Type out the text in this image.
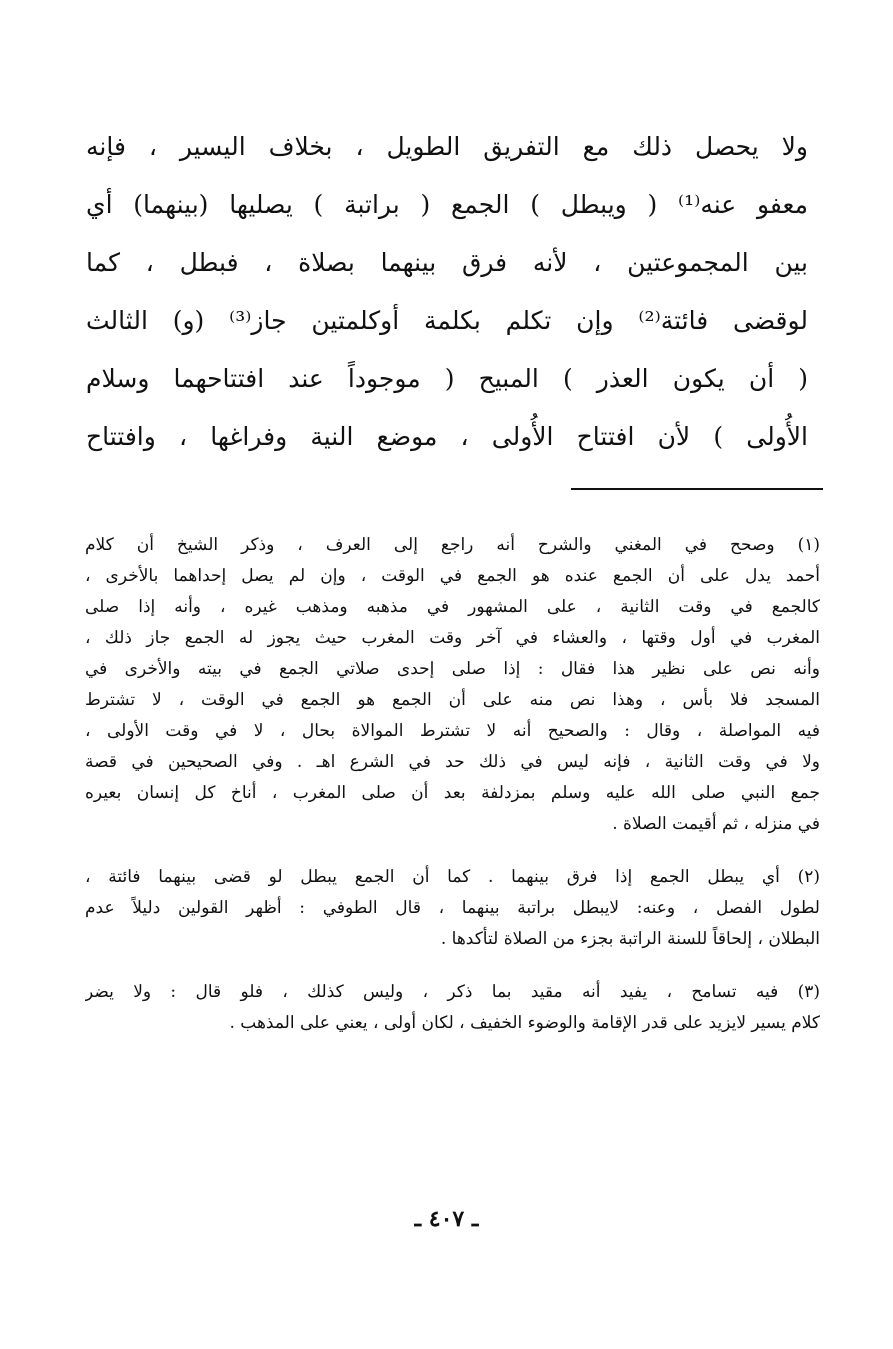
ولا يحصل ذلك مع التفريق الطويل ، بخلاف اليسير ، فإنه
معفو عنه⁽¹⁾ ( ويبطل ) الجمع ( براتبة ) يصليها (بينهما) أي
بين المجموعتين ، لأنه فرق بينهما بصلاة ، فبطل ، كما
لوقضى فائتة⁽²⁾ وإن تكلم بكلمة أوكلمتين جاز⁽³⁾ (و) الثالث
( أن يكون العذر ) المبيح ( موجوداً عند افتتاحهما وسلام
الأُولى ) لأن افتتاح الأُولى ، موضع النية وفراغها ، وافتتاح
(١) وصحح في المغني والشرح أنه راجع إلى العرف ، وذكر الشيخ أن كلام
أحمد يدل على أن الجمع عنده هو الجمع في الوقت ، وإن لم يصل إحداهما بالأخرى ،
كالجمع في وقت الثانية ، على المشهور في مذهبه ومذهب غيره ، وأنه إذا صلى
المغرب في أول وقتها ، والعشاء في آخر وقت المغرب حيث يجوز له الجمع جاز ذلك ،
وأنه نص على نظير هذا فقال : إذا صلى إحدى صلاتي الجمع في بيته والأخرى في
المسجد فلا بأس ، وهذا نص منه على أن الجمع هو الجمع في الوقت ، لا تشترط
فيه المواصلة ، وقال : والصحيح أنه لا تشترط الموالاة بحال ، لا في وقت الأولى ،
ولا في وقت الثانية ، فإنه ليس في ذلك حد في الشرع اهـ . وفي الصحيحين في قصة
جمع النبي صلى الله عليه وسلم بمزدلفة بعد أن صلى المغرب ، أناخ كل إنسان بعيره
في منزله ، ثم أقيمت الصلاة .
(٢) أي يبطل الجمع إذا فرق بينهما . كما أن الجمع يبطل لو قضى بينهما فائتة ،
لطول الفصل ، وعنه: لايبطل براتبة بينهما ، قال الطوفي : أظهر القولين دليلاً عدم
البطلان ، إلحاقاً للسنة الراتبة بجزء من الصلاة لتأكدها .
(٣) فيه تسامح ، يفيد أنه مقيد بما ذكر ، وليس كذلك ، فلو قال : ولا يضر
كلام يسير لايزيد على قدر الإقامة والوضوء الخفيف ، لكان أولى ، يعني على المذهب .
ـ ٤٠٧ ـ
